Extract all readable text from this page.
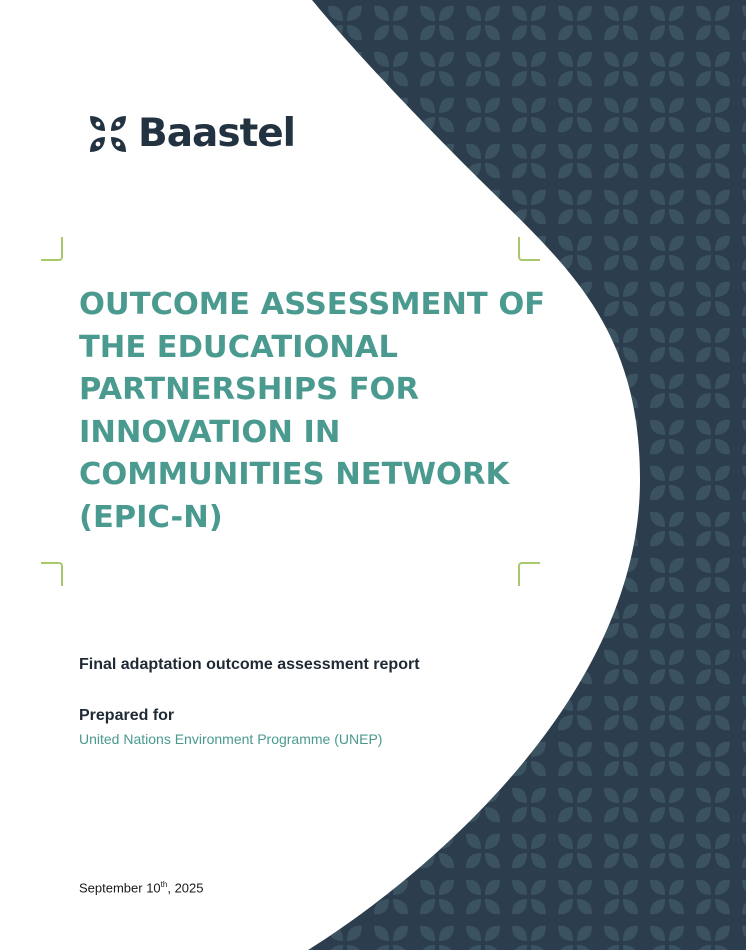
Baastel
OUTCOME ASSESSMENT OF THE EDUCATIONAL PARTNERSHIPS FOR INNOVATION IN COMMUNITIES NETWORK (EPIC-N)
Final adaptation outcome assessment report
Prepared for
United Nations Environment Programme (UNEP)
September 10th, 2025
